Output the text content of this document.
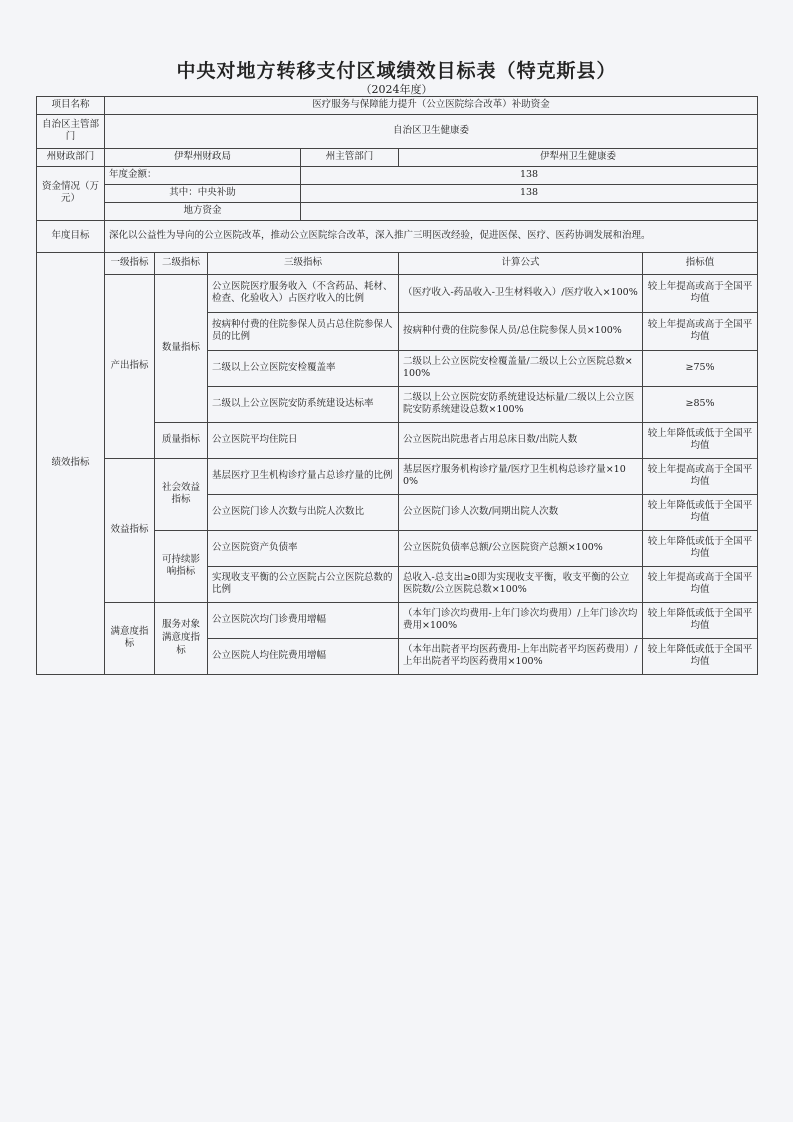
中央对地方转移支付区域绩效目标表（特克斯县）
（2024年度）
项目名称	医疗服务与保障能力提升（公立医院综合改革）补助资金					
自治区主管部门	自治区卫生健康委					
州财政部门	伊犁州财政局			州主管部门	伊犁州卫生健康委	
资金情况（万元）	年度金额：			138		
	其中：中央补助			138		
	地方资金					
年度目标	深化以公益性为导向的公立医院改革，推动公立医院综合改革，深入推广三明医改经验，促进医保、医疗、医药协调发展和治理。					
绩效指标	一级指标	二级指标	三级指标		计算公式	指标值
	产出指标	数量指标	公立医院医疗服务收入（不含药品、耗材、检查、化验收入）占医疗收入的比例		（医疗收入-药品收入-卫生材料收入）/医疗收入×100%	较上年提高或高于全国平均值
			按病种付费的住院参保人员占总住院参保人员的比例		按病种付费的住院参保人员/总住院参保人员×100%	较上年提高或高于全国平均值
			二级以上公立医院安检覆盖率		二级以上公立医院安检覆盖量/二级以上公立医院总数×100%	≥75%
			二级以上公立医院安防系统建设达标率		二级以上公立医院安防系统建设达标量/二级以上公立医院安防系统建设总数×100%	≥85%
		质量指标	公立医院平均住院日		公立医院出院患者占用总床日数/出院人数	较上年降低或低于全国平均值
	效益指标	社会效益指标	基层医疗卫生机构诊疗量占总诊疗量的比例		基层医疗服务机构诊疗量/医疗卫生机构总诊疗量×100%	较上年提高或高于全国平均值
			公立医院门诊人次数与出院人次数比		公立医院门诊人次数/同期出院人次数	较上年降低或低于全国平均值
		可持续影响指标	公立医院资产负债率		公立医院负债率总额/公立医院资产总额×100%	较上年降低或低于全国平均值
			实现收支平衡的公立医院占公立医院总数的比例		总收入-总支出≥0即为实现收支平衡，收支平衡的公立医院数/公立医院总数×100%	较上年提高或高于全国平均值
	满意度指标	服务对象满意度指标	公立医院次均门诊费用增幅		（本年门诊次均费用-上年门诊次均费用）/上年门诊次均费用×100%	较上年降低或低于全国平均值
			公立医院人均住院费用增幅		（本年出院者平均医药费用-上年出院者平均医药费用）/上年出院者平均医药费用×100%	较上年降低或低于全国平均值
